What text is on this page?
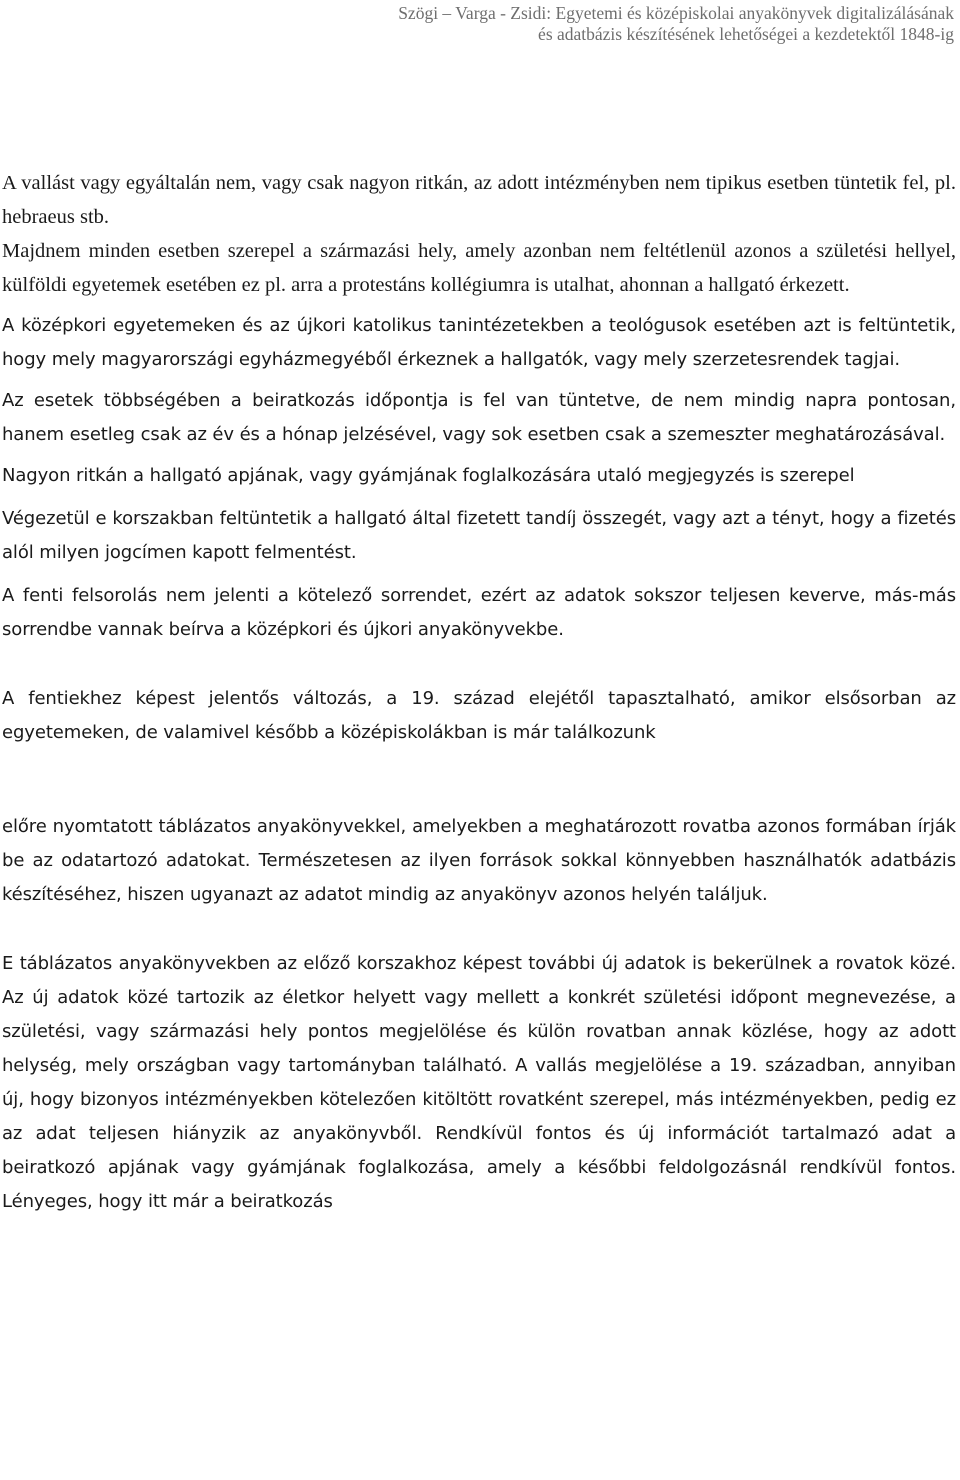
Szögi – Varga - Zsidi: Egyetemi és középiskolai anyakönyvek digitalizálásának
és adatbázis készítésének lehetőségei a kezdetektől 1848-ig

A vallást vagy egyáltalán nem, vagy csak nagyon ritkán, az adott intézményben nem tipikus esetben tüntetik fel, pl. hebraeus stb.

Majdnem minden esetben szerepel a származási hely, amely azonban nem feltétlenül azonos a születési hellyel, külföldi egyetemek esetében ez pl. arra a protestáns kollégiumra is utalhat, ahonnan a hallgató érkezett.

A középkori egyetemeken és az újkori katolikus tanintézetekben a teológusok esetében azt is feltüntetik, hogy mely magyarországi egyházmegyéből érkeznek a hallgatók, vagy mely szerzetesrendek tagjai.

Az esetek többségében a beiratkozás időpontja is fel van tüntetve, de nem mindig napra pontosan, hanem esetleg csak az év és a hónap jelzésével, vagy sok esetben csak a szemeszter meghatározásával.

Nagyon ritkán a hallgató apjának, vagy gyámjának foglalkozására utaló megjegyzés is szerepel

Végezetül e korszakban feltüntetik a hallgató által fizetett tandíj összegét, vagy azt a tényt, hogy a fizetés alól milyen jogcímen kapott felmentést.

A fenti felsorolás nem jelenti a kötelező sorrendet, ezért az adatok sokszor teljesen keverve, más-más sorrendbe vannak beírva a középkori és újkori anyakönyvekbe.

A fentiekhez képest jelentős változás, a 19. század elejétől tapasztalható, amikor elsősorban az egyetemeken, de valamivel később a középiskolákban is már találkozunk

előre nyomtatott táblázatos anyakönyvekkel, amelyekben a meghatározott rovatba azonos formában írják be az odatartozó adatokat. Természetesen az ilyen források sokkal könnyebben használhatók adatbázis készítéséhez, hiszen ugyanazt az adatot mindig az anyakönyv azonos helyén találjuk.

E táblázatos anyakönyvekben az előző korszakhoz képest további új adatok is bekerülnek a rovatok közé. Az új adatok közé tartozik az életkor helyett vagy mellett a konkrét születési időpont megnevezése, a születési, vagy származási hely pontos megjelölése és külön rovatban annak közlése, hogy az adott helység, mely országban vagy tartományban található. A vallás megjelölése a 19. században, annyiban új, hogy bizonyos intézményekben kötelezően kitöltött rovatként szerepel, más intézményekben, pedig ez az adat teljesen hiányzik az anyakönyvből. Rendkívül fontos és új információt tartalmazó adat a beiratkozó apjának vagy gyámjának foglalkozása, amely a későbbi feldolgozásnál rendkívül fontos. Lényeges, hogy itt már a beiratkozás
